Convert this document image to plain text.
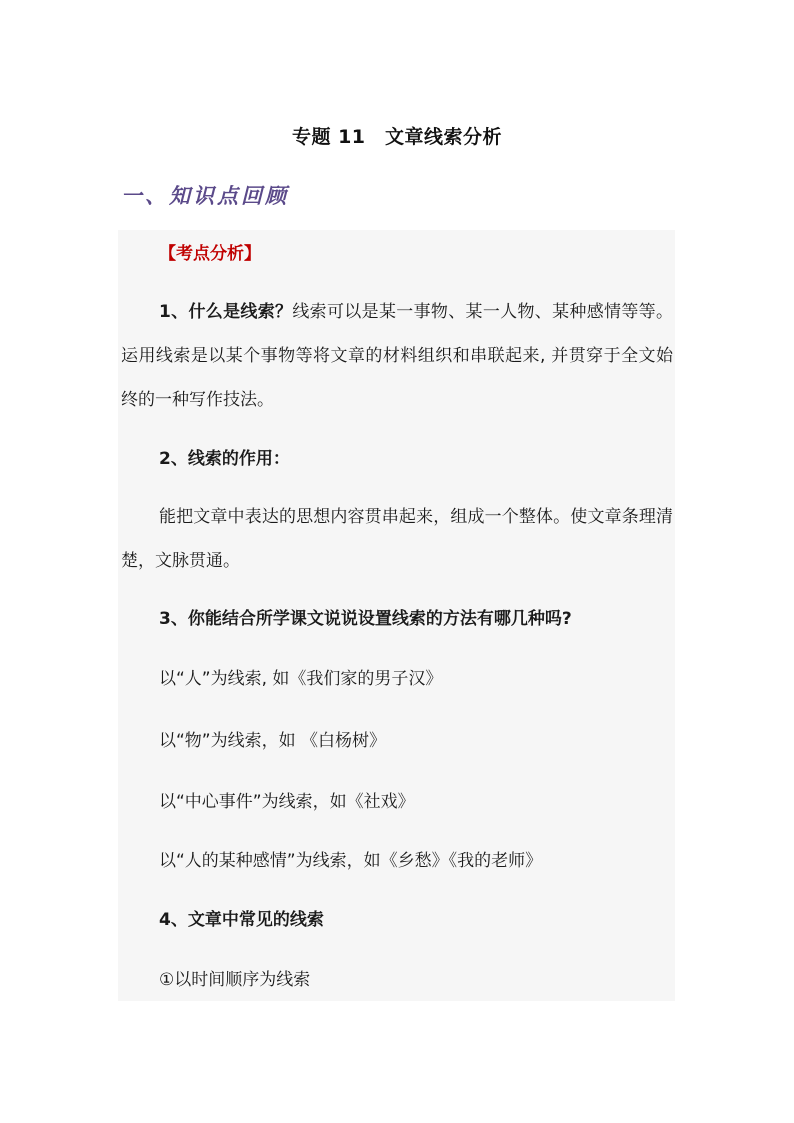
专题 11　文章线索分析
一、知识点回顾
【考点分析】
1、什么是线索？线索可以是某一事物、某一人物、某种感情等等。运用线索是以某个事物等将文章的材料组织和串联起来, 并贯穿于全文始终的一种写作技法。
2、线索的作用：
能把文章中表达的思想内容贯串起来，组成一个整体。使文章条理清楚，文脉贯通。
3、你能结合所学课文说说设置线索的方法有哪几种吗?
以“人”为线索, 如《我们家的男子汉》
以“物”为线索，如 《白杨树》
以“中心事件”为线索，如《社戏》
以“人的某种感情”为线索，如《乡愁》《我的老师》
4、文章中常见的线索
①以时间顺序为线索
